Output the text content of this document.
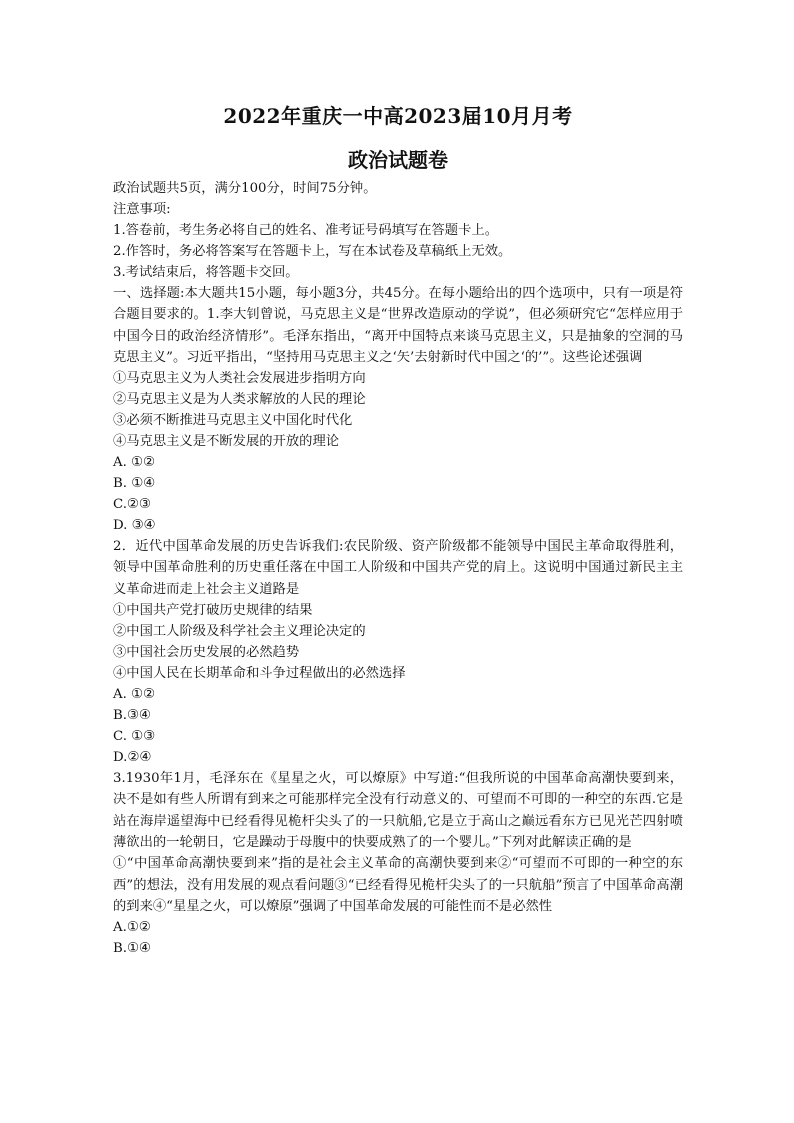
2022年重庆一中高2023届10月月考

政治试题卷

政治试题共5页，满分100分，时间75分钟。

注意事项:

1.答卷前，考生务必将自己的姓名、准考证号码填写在答题卡上。

2.作答时，务必将答案写在答题卡上，写在本试卷及草稿纸上无效。

3.考试结束后，将答题卡交回。

一、选择题:本大题共15小题，每小题3分，共45分。在每小题给出的四个选项中，只有一项是符合题目要求的。1.李大钊曾说，马克思主义是“世界改造原动的学说”，但必须研究它“怎样应用于中国今日的政治经济情形”。毛泽东指出，“离开中国特点来谈马克思主义，只是抽象的空洞的马克思主义”。习近平指出，“坚持用马克思主义之‘矢’去射新时代中国之‘的’”。这些论述强调

①马克思主义为人类社会发展进步指明方向

②马克思主义是为人类求解放的人民的理论

③必须不断推进马克思主义中国化时代化

④马克思主义是不断发展的开放的理论

A. ①②

B. ①④

C.②③

D. ③④

2．近代中国革命发展的历史告诉我们:农民阶级、资产阶级都不能领导中国民主革命取得胜利，领导中国革命胜利的历史重任落在中国工人阶级和中国共产党的肩上。这说明中国通过新民主主义革命进而走上社会主义道路是

①中国共产党打破历史规律的结果

②中国工人阶级及科学社会主义理论决定的

③中国社会历史发展的必然趋势

④中国人民在长期革命和斗争过程做出的必然选择

A. ①②

B.③④

C. ①③

D.②④

3.1930年1月，毛泽东在《星星之火，可以燎原》中写道:“但我所说的中国革命高潮快要到来，决不是如有些人所谓有到来之可能那样完全没有行动意义的、可望而不可即的一种空的东西.它是站在海岸遥望海中已经看得见桅杆尖头了的一只航船,它是立于高山之巅远看东方已见光芒四射喷薄欲出的一轮朝日，它是躁动于母腹中的快要成熟了的一个婴儿。”下列对此解读正确的是

①“中国革命高潮快要到来”指的是社会主义革命的高潮快要到来②“可望而不可即的一种空的东西”的想法，没有用发展的观点看问题③“已经看得见桅杆尖头了的一只航船”预言了中国革命高潮的到来④“星星之火，可以燎原”强调了中国革命发展的可能性而不是必然性

A.①②

B.①④
